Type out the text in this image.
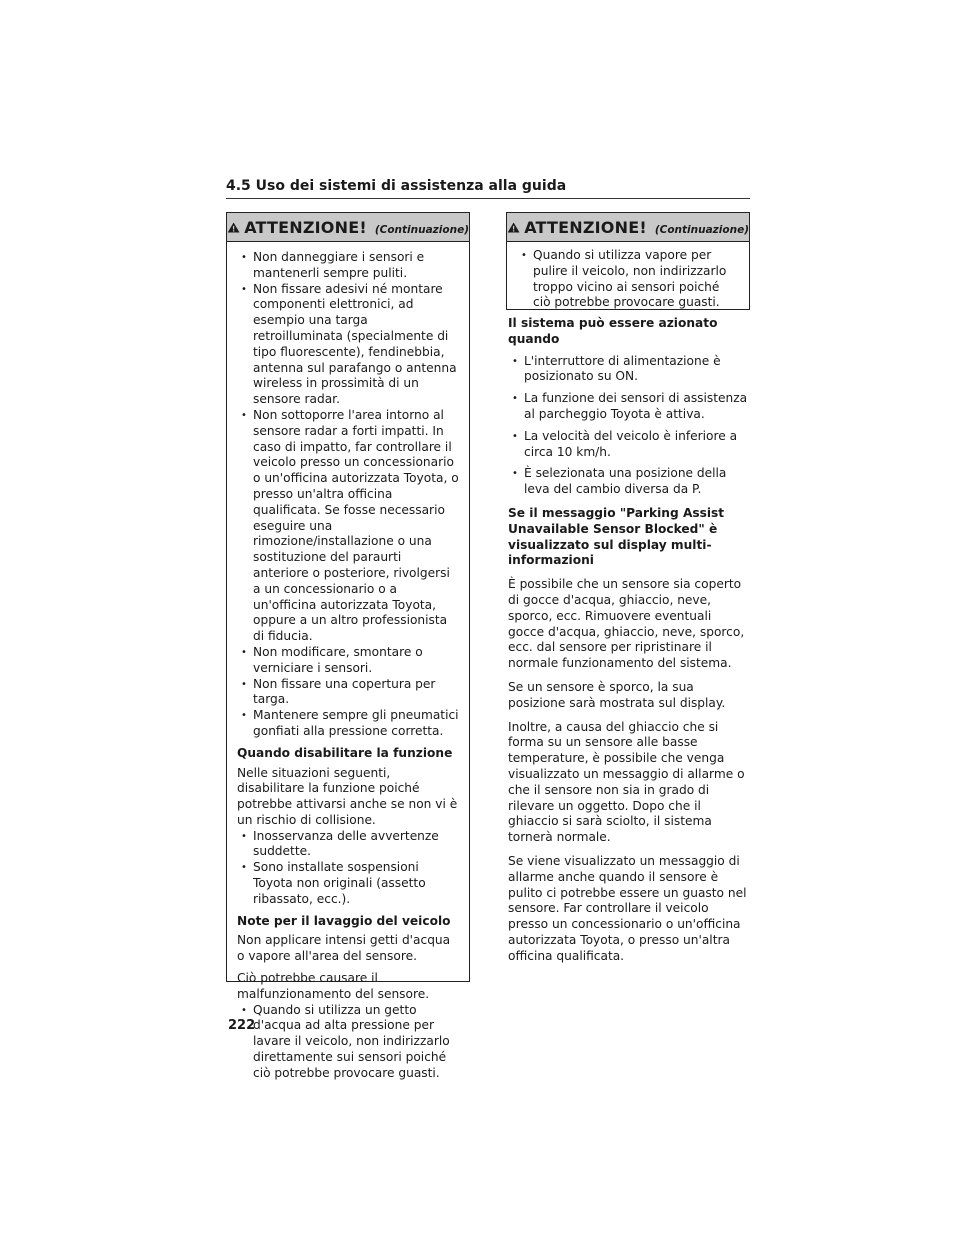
4.5 Uso dei sistemi di assistenza alla guida
ATTENZIONE! (Continuazione)
• Non danneggiare i sensori e mantenerli sempre puliti.
• Non fissare adesivi né montare componenti elettronici, ad esempio una targa retroilluminata (specialmente di tipo fluorescente), fendinebbia, antenna sul parafango o antenna wireless in prossimità di un sensore radar.
• Non sottoporre l'area intorno al sensore radar a forti impatti. In caso di impatto, far controllare il veicolo presso un concessionario o un'officina autorizzata Toyota, o presso un'altra officina qualificata. Se fosse necessario eseguire una rimozione/installazione o una sostituzione del paraurti anteriore o posteriore, rivolgersi a un concessionario o a un'officina autorizzata Toyota, oppure a un altro professionista di fiducia.
• Non modificare, smontare o verniciare i sensori.
• Non fissare una copertura per targa.
• Mantenere sempre gli pneumatici gonfiati alla pressione corretta.
Quando disabilitare la funzione
Nelle situazioni seguenti, disabilitare la funzione poiché potrebbe attivarsi anche se non vi è un rischio di collisione.
• Inosservanza delle avvertenze suddette.
• Sono installate sospensioni Toyota non originali (assetto ribassato, ecc.).
Note per il lavaggio del veicolo
Non applicare intensi getti d'acqua o vapore all'area del sensore.
Ciò potrebbe causare il malfunzionamento del sensore.
• Quando si utilizza un getto d'acqua ad alta pressione per lavare il veicolo, non indirizzarlo direttamente sui sensori poiché ciò potrebbe provocare guasti.
ATTENZIONE! (Continuazione)
• Quando si utilizza vapore per pulire il veicolo, non indirizzarlo troppo vicino ai sensori poiché ciò potrebbe provocare guasti.
Il sistema può essere azionato quando
• L'interruttore di alimentazione è posizionato su ON.
• La funzione dei sensori di assistenza al parcheggio Toyota è attiva.
• La velocità del veicolo è inferiore a circa 10 km/h.
• È selezionata una posizione della leva del cambio diversa da P.
Se il messaggio "Parking Assist Unavailable Sensor Blocked" è visualizzato sul display multi-informazioni
È possibile che un sensore sia coperto di gocce d'acqua, ghiaccio, neve, sporco, ecc. Rimuovere eventuali gocce d'acqua, ghiaccio, neve, sporco, ecc. dal sensore per ripristinare il normale funzionamento del sistema.
Se un sensore è sporco, la sua posizione sarà mostrata sul display.
Inoltre, a causa del ghiaccio che si forma su un sensore alle basse temperature, è possibile che venga visualizzato un messaggio di allarme o che il sensore non sia in grado di rilevare un oggetto. Dopo che il ghiaccio si sarà sciolto, il sistema tornerà normale.
Se viene visualizzato un messaggio di allarme anche quando il sensore è pulito ci potrebbe essere un guasto nel sensore. Far controllare il veicolo presso un concessionario o un'officina autorizzata Toyota, o presso un'altra officina qualificata.
222
